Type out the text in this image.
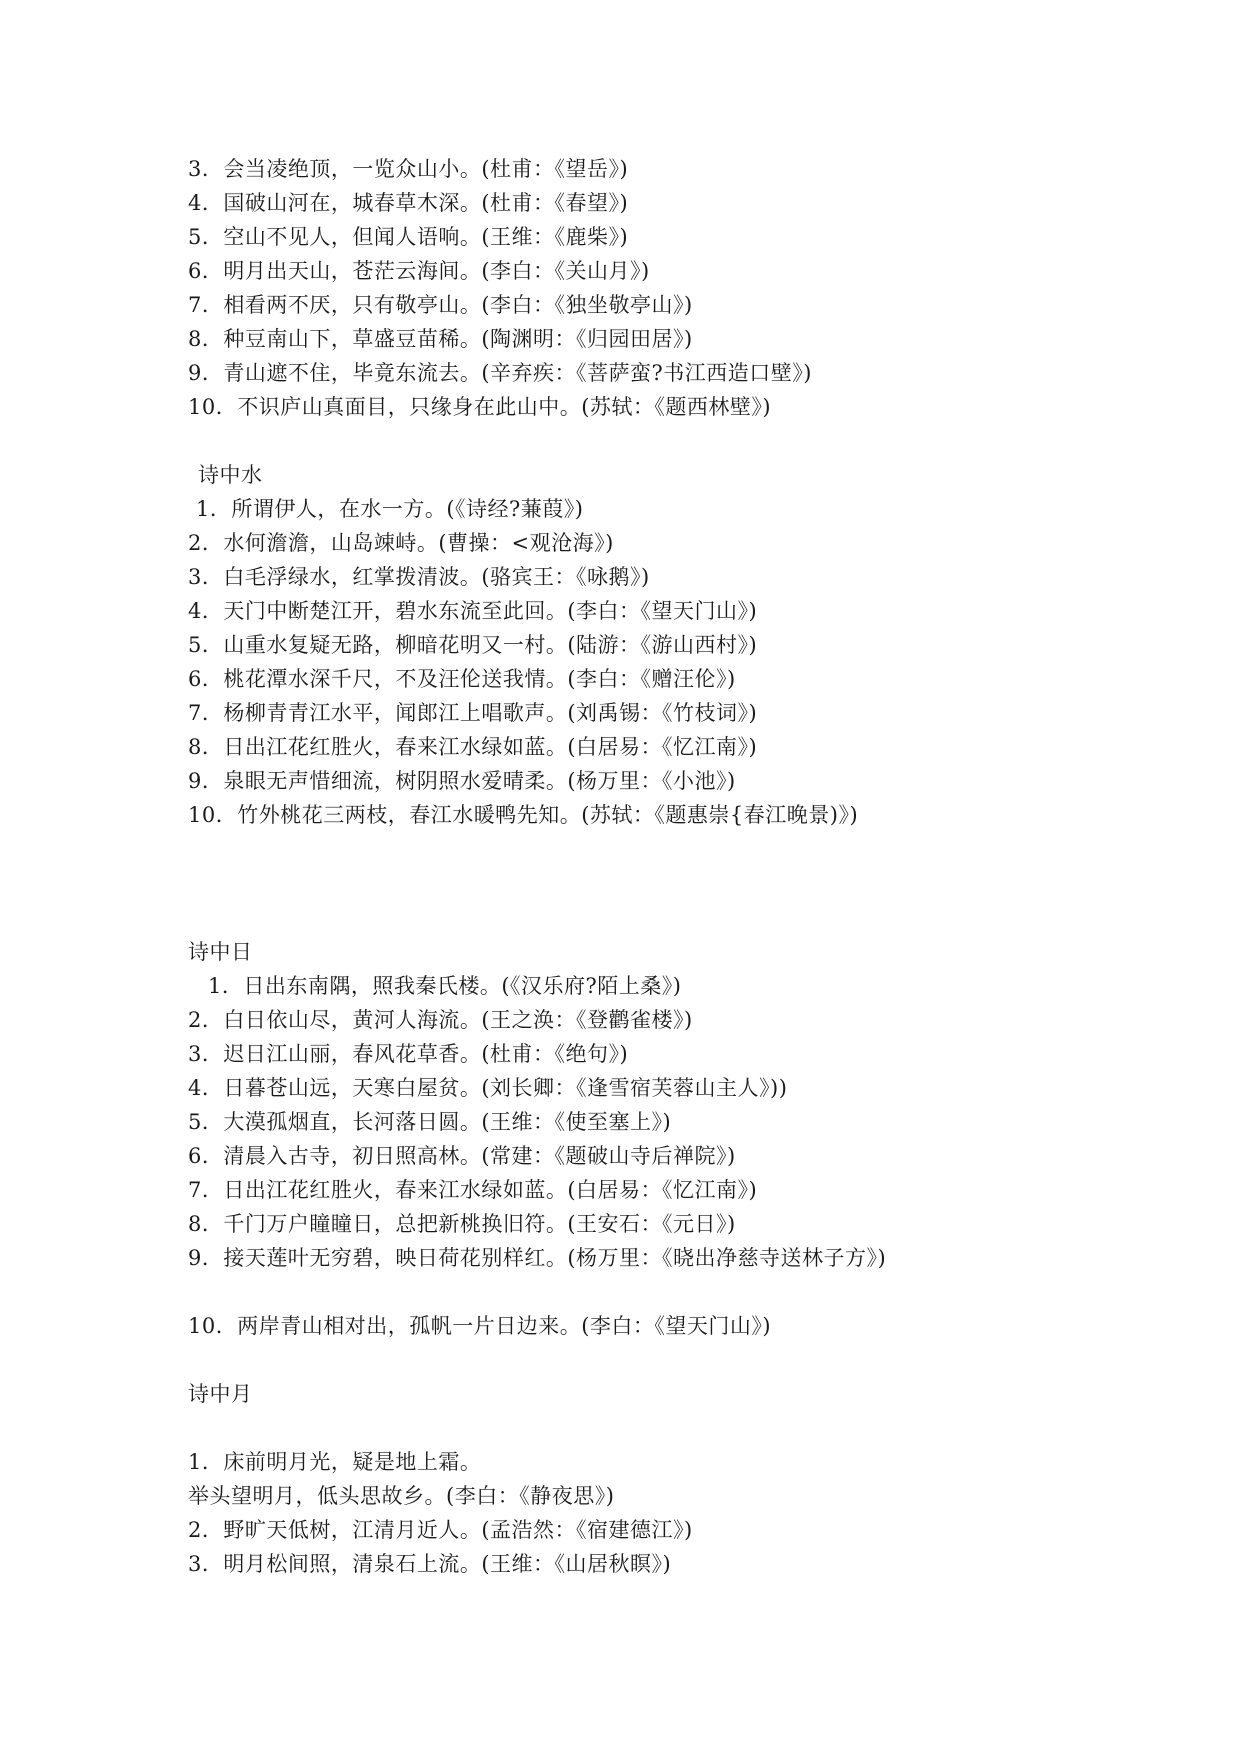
3．会当凌绝顶，一览众山小。(杜甫：《望岳》)
4．国破山河在，城春草木深。(杜甫：《春望》)
5．空山不见人，但闻人语响。(王维：《鹿柴》)
6．明月出天山，苍茫云海间。(李白：《关山月》)
7．相看两不厌，只有敬亭山。(李白：《独坐敬亭山》)
8．种豆南山下，草盛豆苗稀。(陶渊明：《归园田居》)
9．青山遮不住，毕竟东流去。(辛弃疾：《菩萨蛮?书江西造口壁》)
10．不识庐山真面目，只缘身在此山中。(苏轼：《题西林壁》)
诗中水
1．所谓伊人，在水一方。(《诗经?蒹葭》)
2．水何澹澹，山岛竦峙。(曹操：<观沧海》)
3．白毛浮绿水，红掌拨清波。(骆宾王：《咏鹅》)
4．天门中断楚江开，碧水东流至此回。(李白：《望天门山》)
5．山重水复疑无路，柳暗花明又一村。(陆游：《游山西村》)
6．桃花潭水深千尺，不及汪伦送我情。(李白：《赠汪伦》)
7．杨柳青青江水平，闻郎江上唱歌声。(刘禹锡：《竹枝词》)
8．日出江花红胜火，春来江水绿如蓝。(白居易：《忆江南》)
9．泉眼无声惜细流，树阴照水爱晴柔。(杨万里：《小池》)
10．竹外桃花三两枝，春江水暖鸭先知。(苏轼：《题惠崇{春江晚景)》)
诗中日
1．日出东南隅，照我秦氏楼。(《汉乐府?陌上桑》)
2．白日依山尽，黄河人海流。(王之涣：《登鹳雀楼》)
3．迟日江山丽，春风花草香。(杜甫：《绝句》)
4．日暮苍山远，天寒白屋贫。(刘长卿：《逢雪宿芙蓉山主人》))
5．大漠孤烟直，长河落日圆。(王维：《使至塞上》)
6．清晨入古寺，初日照高林。(常建：《题破山寺后禅院》)
7．日出江花红胜火，春来江水绿如蓝。(白居易：《忆江南》)
8．千门万户瞳瞳日，总把新桃换旧符。(王安石：《元日》)
9．接天莲叶无穷碧，映日荷花别样红。(杨万里：《晓出净慈寺送林子方》)
10．两岸青山相对出，孤帆一片日边来。(李白：《望天门山》)
诗中月
1．床前明月光，疑是地上霜。
举头望明月，低头思故乡。(李白：《静夜思》)
2．野旷天低树，江清月近人。(孟浩然：《宿建德江》)
3．明月松间照，清泉石上流。(王维：《山居秋瞑》)
